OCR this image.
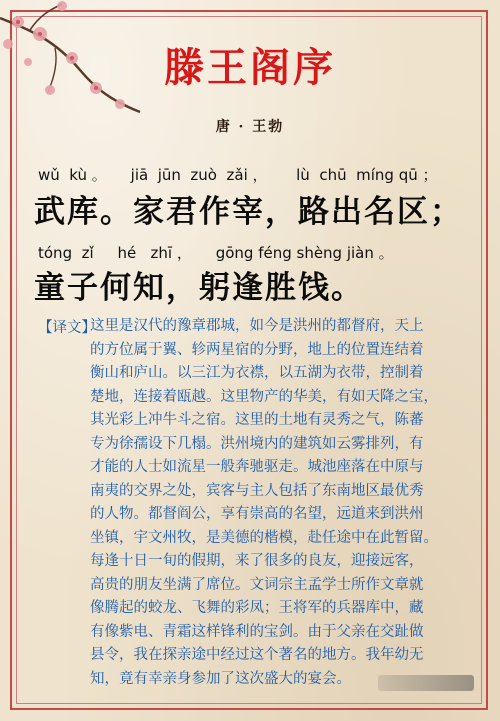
滕王阁序
唐 · 王勃
wǔ  kù 。     jiā  jūn  zuò  zǎi ，      lù  chū  míng qū ；
武库。家君作宰，路出名区；
tóng  zǐ     hé   zhī ，     gōng féng shèng jiàn 。
童子何知，躬逢胜饯。
【译文】
这里是汉代的豫章郡城，如今是洪州的都督府，天上
的方位属于翼、轸两星宿的分野，地上的位置连结着
衡山和庐山。以三江为衣襟，以五湖为衣带，控制着
楚地，连接着瓯越。这里物产的华美，有如天降之宝，
其光彩上冲牛斗之宿。这里的土地有灵秀之气，陈蕃
专为徐孺设下几榻。洪州境内的建筑如云雾排列，有
才能的人士如流星一般奔驰驱走。城池座落在中原与
南夷的交界之处，宾客与主人包括了东南地区最优秀
的人物。都督阎公，享有崇高的名望，远道来到洪州
坐镇，宇文州牧，是美德的楷模，赴任途中在此暂留。
每逢十日一旬的假期，来了很多的良友，迎接远客，
高贵的朋友坐满了席位。文词宗主孟学士所作文章就
像腾起的蛟龙、飞舞的彩凤；王将军的兵器库中，藏
有像紫电、青霜这样锋利的宝剑。由于父亲在交趾做
县令，我在探亲途中经过这个著名的地方。我年幼无
知，竟有幸亲身参加了这次盛大的宴会。
